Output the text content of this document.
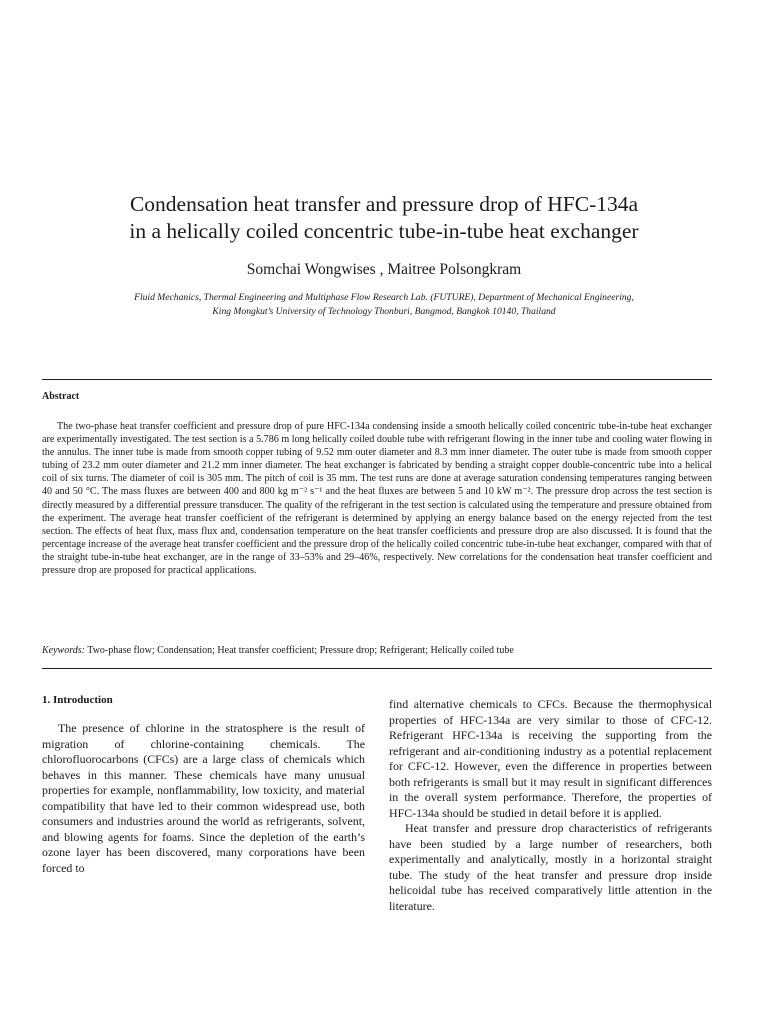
Condensation heat transfer and pressure drop of HFC-134a
in a helically coiled concentric tube-in-tube heat exchanger
Somchai Wongwises , Maitree Polsongkram
Fluid Mechanics, Thermal Engineering and Multiphase Flow Research Lab. (FUTURE), Department of Mechanical Engineering,
King Mongkut’s University of Technology Thonburi, Bangmod, Bangkok 10140, Thailand
Abstract

The two-phase heat transfer coefficient and pressure drop of pure HFC-134a condensing inside a smooth helically coiled concentric tube-in-tube heat exchanger are experimentally investigated. The test section is a 5.786 m long helically coiled double tube with refrigerant flowing in the inner tube and cooling water flowing in the annulus. The inner tube is made from smooth copper tubing of 9.52 mm outer diameter and 8.3 mm inner diameter. The outer tube is made from smooth copper tubing of 23.2 mm outer diameter and 21.2 mm inner diameter. The heat exchanger is fabricated by bending a straight copper double-concentric tube into a helical coil of six turns. The diameter of coil is 305 mm. The pitch of coil is 35 mm. The test runs are done at average saturation condensing temperatures ranging between 40 and 50 °C. The mass fluxes are between 400 and 800 kg m⁻² s⁻¹ and the heat fluxes are between 5 and 10 kW m⁻². The pressure drop across the test section is directly measured by a differential pressure transducer. The quality of the refrigerant in the test section is calculated using the temperature and pressure obtained from the experiment. The average heat transfer coefficient of the refrigerant is determined by applying an energy balance based on the energy rejected from the test section. The effects of heat flux, mass flux and, condensation temperature on the heat transfer coefficients and pressure drop are also discussed. It is found that the percentage increase of the average heat transfer coefficient and the pressure drop of the helically coiled concentric tube-in-tube heat exchanger, compared with that of the straight tube-in-tube heat exchanger, are in the range of 33–53% and 29–46%, respectively. New correlations for the condensation heat transfer coefficient and pressure drop are proposed for practical applications.

Keywords: Two-phase flow; Condensation; Heat transfer coefficient; Pressure drop; Refrigerant; Helically coiled tube
1. Introduction

The presence of chlorine in the stratosphere is the result of migration of chlorine-containing chemicals. The chlorofluorocarbons (CFCs) are a large class of chemicals which behaves in this manner. These chemicals have many unusual properties for example, nonflammability, low toxicity, and material compatibility that have led to their common widespread use, both consumers and industries around the world as refrigerants, solvent, and blowing agents for foams. Since the depletion of the earth’s ozone layer has been discovered, many corporations have been forced to

find alternative chemicals to CFCs. Because the thermophysical properties of HFC-134a are very similar to those of CFC-12. Refrigerant HFC-134a is receiving the supporting from the refrigerant and air-conditioning industry as a potential replacement for CFC-12. However, even the difference in properties between both refrigerants is small but it may result in significant differences in the overall system performance. Therefore, the properties of HFC-134a should be studied in detail before it is applied.

Heat transfer and pressure drop characteristics of refrigerants have been studied by a large number of researchers, both experimentally and analytically, mostly in a horizontal straight tube. The study of the heat transfer and pressure drop inside helicoidal tube has received comparatively little attention in the literature.
